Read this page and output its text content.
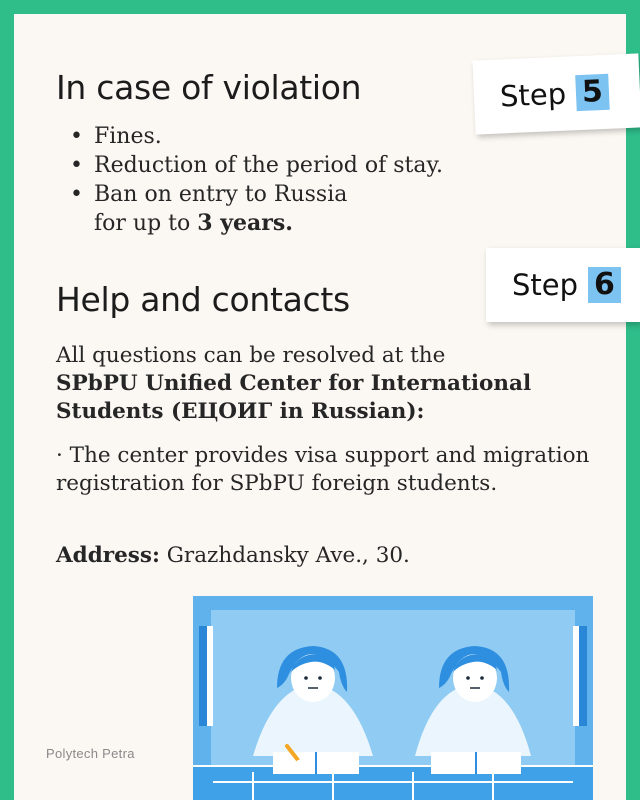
In case of violation
• Fines.
• Reduction of the period of stay.
• Ban on entry to Russia
for up to 3 years.
Help and contacts

All questions can be resolved at the
SPbPU Unified Center for International Students (ЕЦОИГ in Russian):

· The center provides visa support and migration registration for SPbPU foreign students.

Address: Grazhdansky Ave., 30.

Polytech Petra
Step 5
Step 6
